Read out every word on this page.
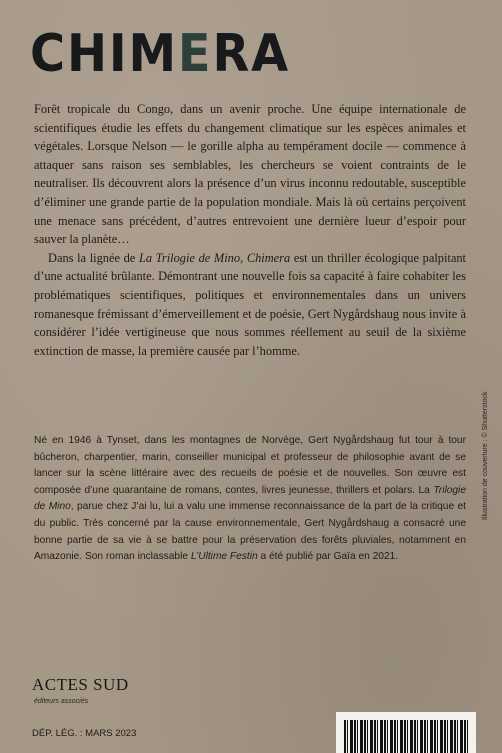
CHIMERA

Forêt tropicale du Congo, dans un avenir proche. Une équipe internationale de scientifiques étudie les effets du changement climatique sur les espèces animales et végétales. Lorsque Nelson — le gorille alpha au tempérament docile — commence à attaquer sans raison ses semblables, les chercheurs se voient contraints de le neutraliser. Ils découvrent alors la présence d’un virus inconnu redoutable, susceptible d’éliminer une grande partie de la population mondiale. Mais là où certains perçoivent une menace sans précédent, d’autres entrevoient une dernière lueur d’espoir pour sauver la planète…

Dans la lignée de La Trilogie de Mino, Chimera est un thriller écologique palpitant d’une actualité brûlante. Démontrant une nouvelle fois sa capacité à faire cohabiter les problématiques scientifiques, politiques et environnementales dans un univers romanesque frémissant d’émerveillement et de poésie, Gert Nygårdshaug nous invite à considérer l’idée vertigineuse que nous sommes réellement au seuil de la sixième extinction de masse, la première causée par l’homme.

Né en 1946 à Tynset, dans les montagnes de Norvège, Gert Nygårdshaug fut tour à tour bûcheron, charpentier, marin, conseiller municipal et professeur de philosophie avant de se lancer sur la scène littéraire avec des recueils de poésie et de nouvelles. Son œuvre est composée d’une quarantaine de romans, contes, livres jeunesse, thrillers et polars. La Trilogie de Mino, parue chez J’ai lu, lui a valu une immense reconnaissance de la part de la critique et du public. Très concerné par la cause environnementale, Gert Nygårdshaug a consacré une bonne partie de sa vie à se battre pour la préservation des forêts pluviales, notamment en Amazonie. Son roman inclassable L’Ultime Festin a été publié par Gaïa en 2021.

ACTES SUD
éditeurs associés
DÉP. LÉG. : MARS 2023
Illustration de couverture : © Shutterstock
